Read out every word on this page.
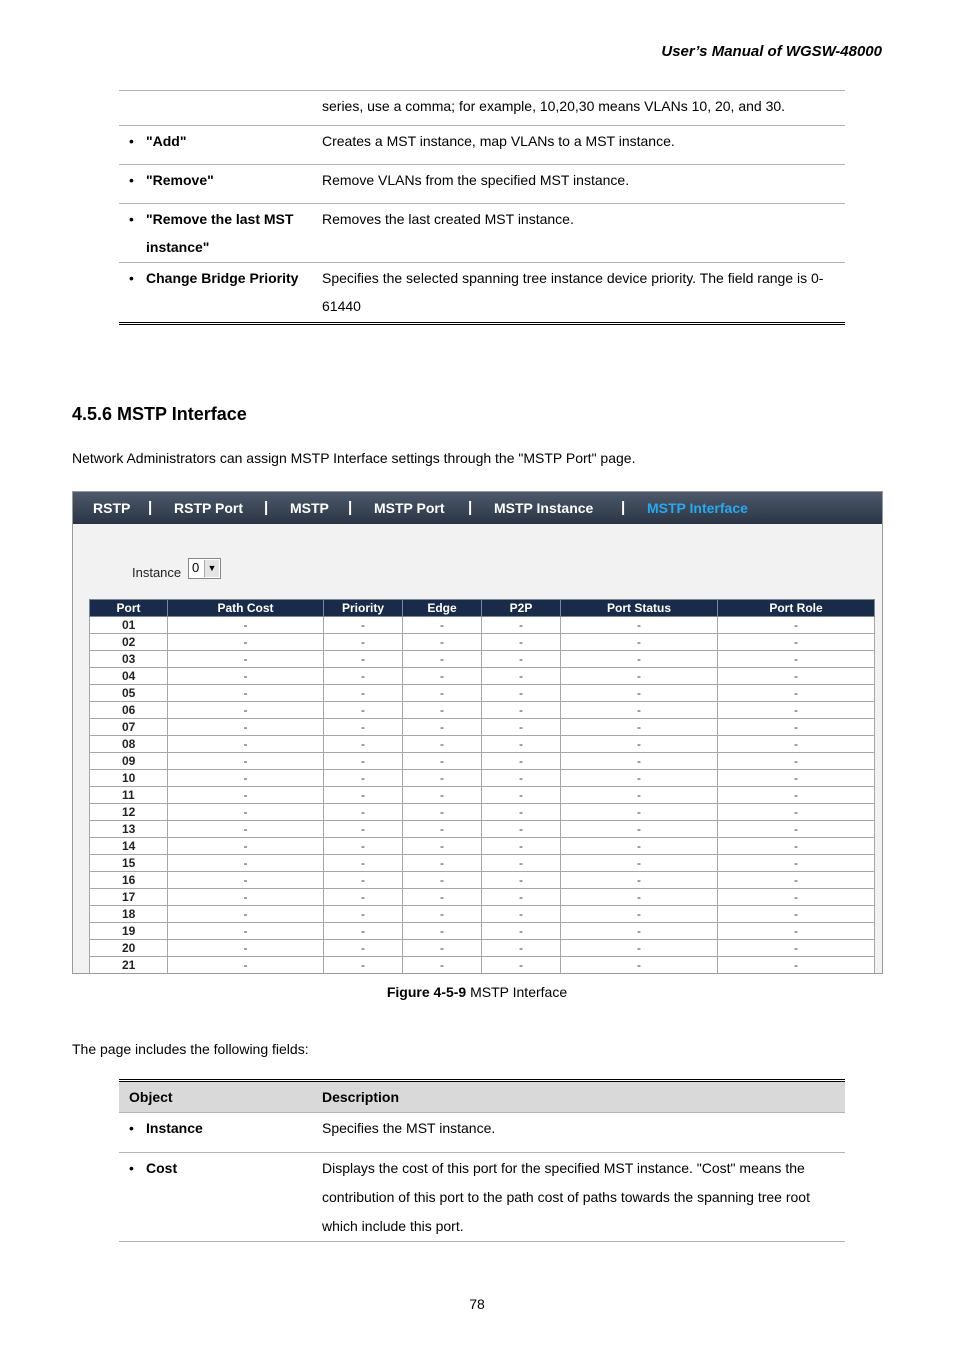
User’s Manual of WGSW-48000

	series, use a comma; for example, 10,20,30 means VLANs 10, 20, and 30.

• "Add"	Creates a MST instance, map VLANs to a MST instance.

• "Remove"	Remove VLANs from the specified MST instance.

• "Remove the last MST instance"	Removes the last created MST instance.

• Change Bridge Priority	Specifies the selected spanning tree instance device priority. The field range is 0-61440
4.5.6 MSTP Interface
Network Administrators can assign MSTP Interface settings through the "MSTP Port" page.
RSTP | RSTP Port | MSTP | MSTP Port | MSTP Instance | MSTP Interface
Instance 0 ▼
Port	Path Cost	Priority	Edge	P2P	Port Status	Port Role
01	-	-	-	-	-	-
02	-	-	-	-	-	-
03	-	-	-	-	-	-
04	-	-	-	-	-	-
05	-	-	-	-	-	-
06	-	-	-	-	-	-
07	-	-	-	-	-	-
08	-	-	-	-	-	-
09	-	-	-	-	-	-
10	-	-	-	-	-	-
11	-	-	-	-	-	-
12	-	-	-	-	-	-
13	-	-	-	-	-	-
14	-	-	-	-	-	-
15	-	-	-	-	-	-
16	-	-	-	-	-	-
17	-	-	-	-	-	-
18	-	-	-	-	-	-
19	-	-	-	-	-	-
20	-	-	-	-	-	-
21	-	-	-	-	-	-
Figure 4-5-9 MSTP Interface
The page includes the following fields:
Object	Description

• Instance	Specifies the MST instance.

• Cost	Displays the cost of this port for the specified MST instance. "Cost" means the contribution of this port to the path cost of paths towards the spanning tree root which include this port.
78
